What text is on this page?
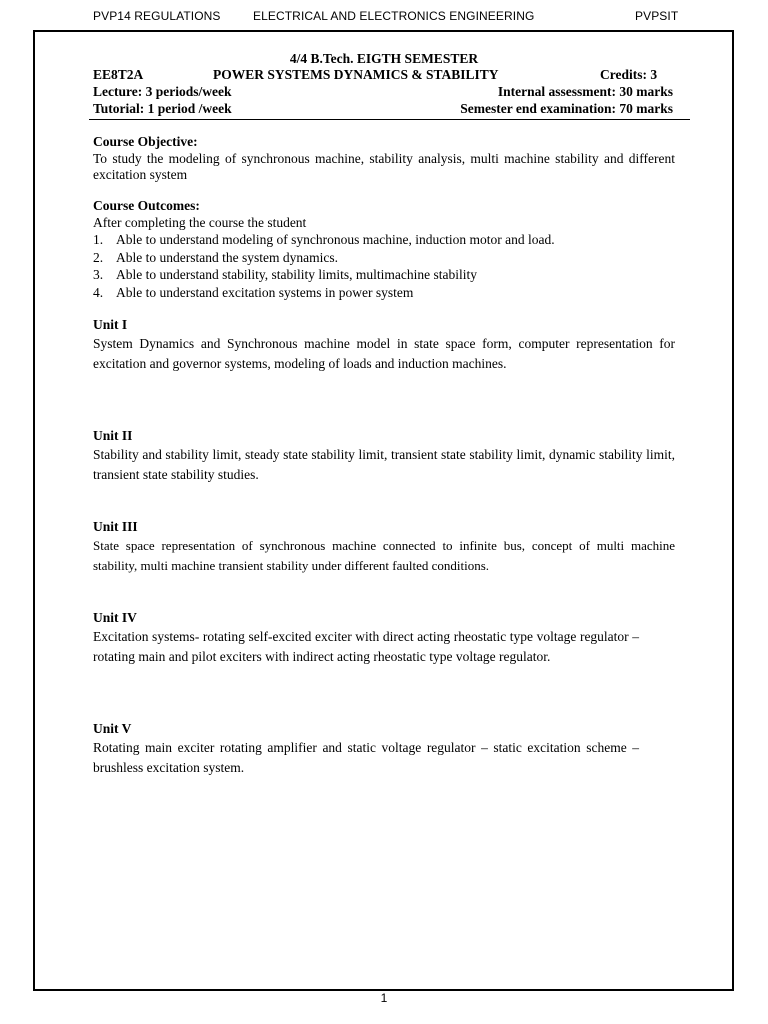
PVP14 REGULATIONS	ELECTRICAL AND ELECTRONICS ENGINEERING	PVPSIT
4/4 B.Tech. EIGTH SEMESTER
EE8T2A	POWER SYSTEMS DYNAMICS & STABILITY	Credits: 3
Lecture: 3 periods/week	Internal assessment: 30 marks
Tutorial: 1 period /week	Semester end examination: 70 marks
Course Objective:
To study the modeling of synchronous machine, stability analysis, multi machine stability and different excitation system
Course Outcomes:
After completing the course the student
1. Able to understand modeling of synchronous machine, induction motor and load.
2. Able to understand the system dynamics.
3. Able to understand stability, stability limits, multimachine stability
4. Able to understand excitation systems in power system
Unit I
System Dynamics and Synchronous machine model in state space form, computer representation for excitation and governor systems, modeling of loads and induction machines.
Unit II
Stability and stability limit, steady state stability limit, transient state stability limit, dynamic stability limit, transient state stability studies.
Unit III
State space representation of synchronous machine connected to infinite bus, concept of multi machine stability, multi machine transient stability under different faulted conditions.
Unit IV
Excitation systems- rotating self-excited exciter with direct acting rheostatic type voltage regulator – rotating main and pilot exciters with indirect acting rheostatic type voltage regulator.
Unit V
Rotating main exciter rotating amplifier and static voltage regulator – static excitation scheme – brushless excitation system.
1
